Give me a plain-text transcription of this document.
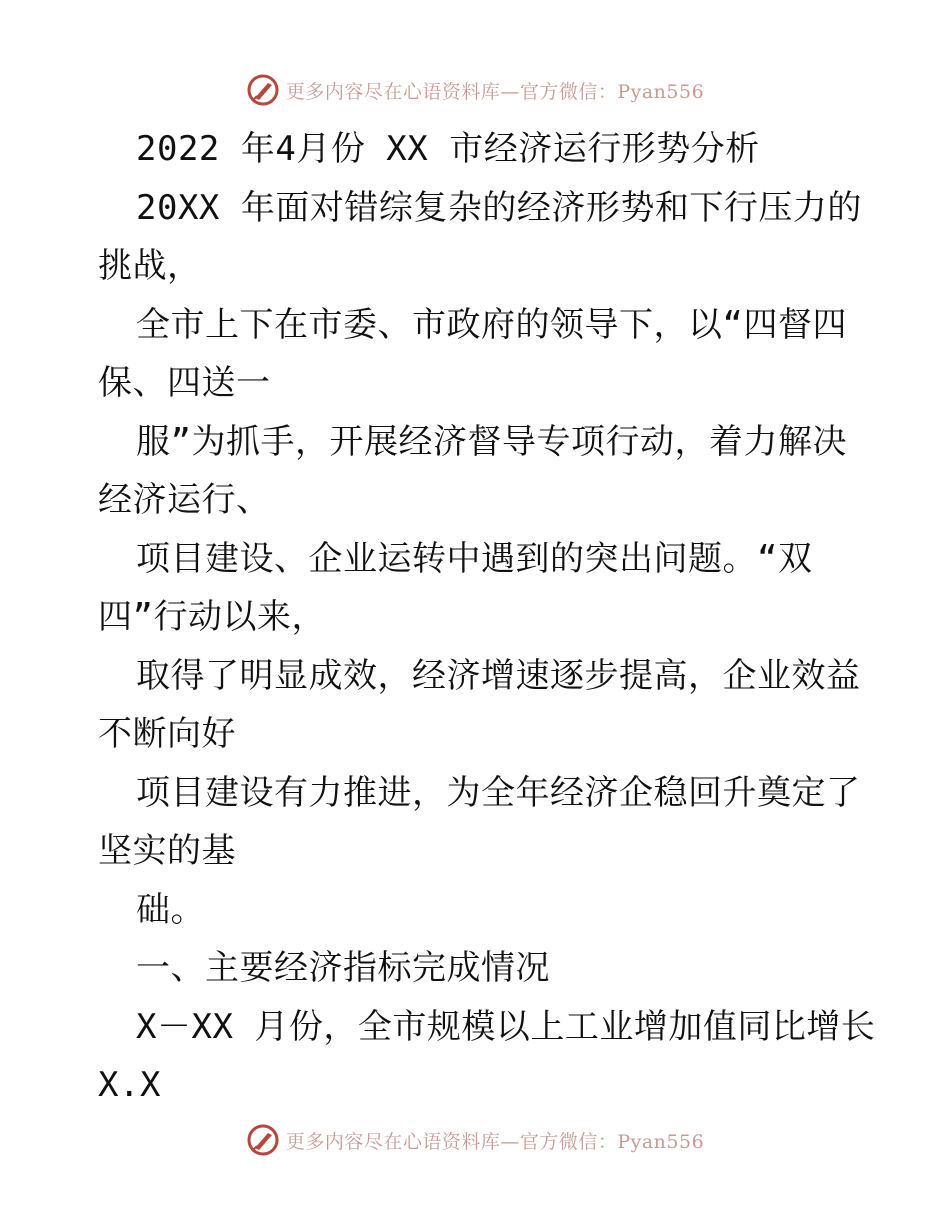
更多内容尽在心语资料库—官方微信：Pyan556
2022 年4月份 XX 市经济运行形势分析
20XX 年面对错综复杂的经济形势和下行压力的
挑战，
全市上下在市委、市政府的领导下，以“四督四
保、四送一
服”为抓手，开展经济督导专项行动，着力解决
经济运行、
项目建设、企业运转中遇到的突出问题。“双
四”行动以来，
取得了明显成效，经济增速逐步提高，企业效益
不断向好
项目建设有力推进，为全年经济企稳回升奠定了
坚实的基
础。
一、主要经济指标完成情况
X－XX 月份，全市规模以上工业增加值同比增长
X.X
更多内容尽在心语资料库—官方微信：Pyan556
